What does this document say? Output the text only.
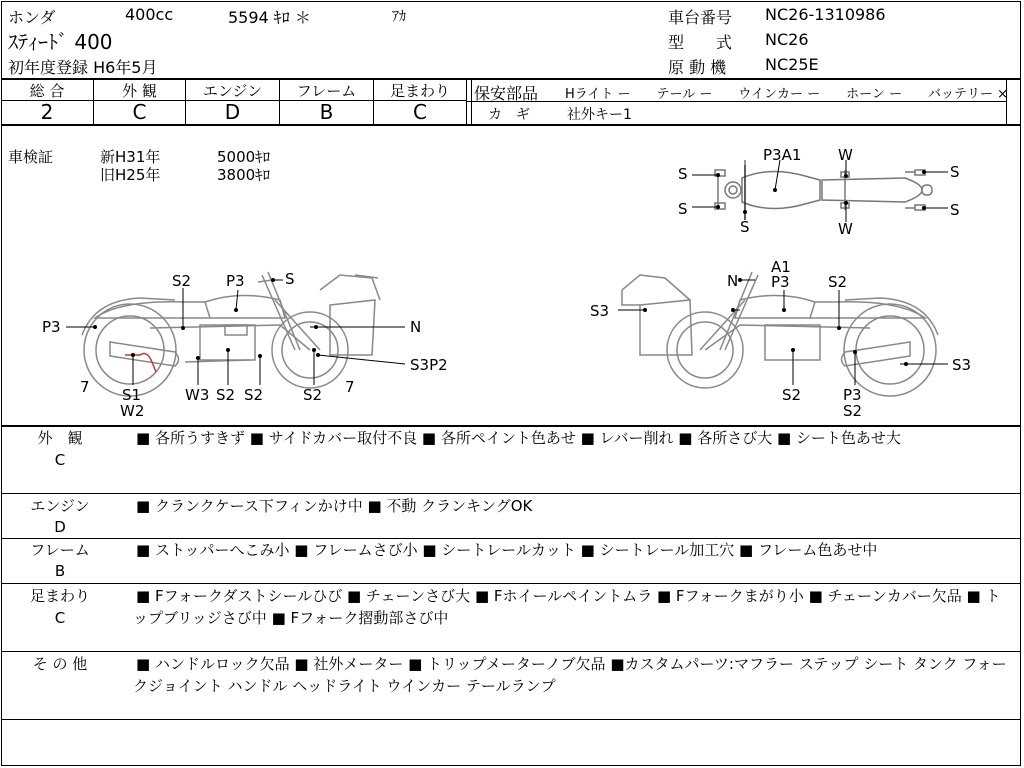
ホンダ	400cc	5594 ｷﾛ ＊	ｱｶ
ｽﾃｨｰﾄﾞ 400
初年度登録 H6年5月
車台番号 NC26-1310986
型　　式 NC26
原 動 機 NC25E
総 合	外 観	エンジン	フレーム	足まわり
2	C	D	B	C
保安部品 Hライト ー　　テール ー　　ウインカー ー　　ホーン ー　　バッテリー ×
カ　ギ	社外キー1
車検証	新H31年	5000ｷﾛ
旧H25年	3800ｷﾛ	S
S
S
P3A1 W
W
S
S
S2 P3	S
P3	N
S3P2
7	7
S1
W2
W3 S2 S2	S2
A1
N P3	S2
S3
S3
S2	P3
S2
外　観
C
■ 各所うすきず ■ サイドカバー取付不良 ■ 各所ペイント色あせ ■ レバー削れ ■ 各所さび大 ■ シート色あせ大
エンジン
D
■ クランクケース下フィンかけ中 ■ 不動 クランキングOK
フレーム
B
■ ストッパーへこみ小 ■ フレームさび小 ■ シートレールカット ■ シートレール加工穴 ■ フレーム色あせ中
足まわり
C
■ Fフォークダストシールひび ■ チェーンさび大 ■ Fホイールペイントムラ ■ Fフォークまがり小 ■ チェーンカバー欠品 ■ トップブリッジさび中 ■ Fフォーク摺動部さび中
そ の 他	■ ハンドルロック欠品 ■ 社外メーター ■ トリップメーターノブ欠品 ■カスタムパーツ:マフラー ステップ シート タンク フォークジョイント ハンドル ヘッドライト ウインカー テールランプ
